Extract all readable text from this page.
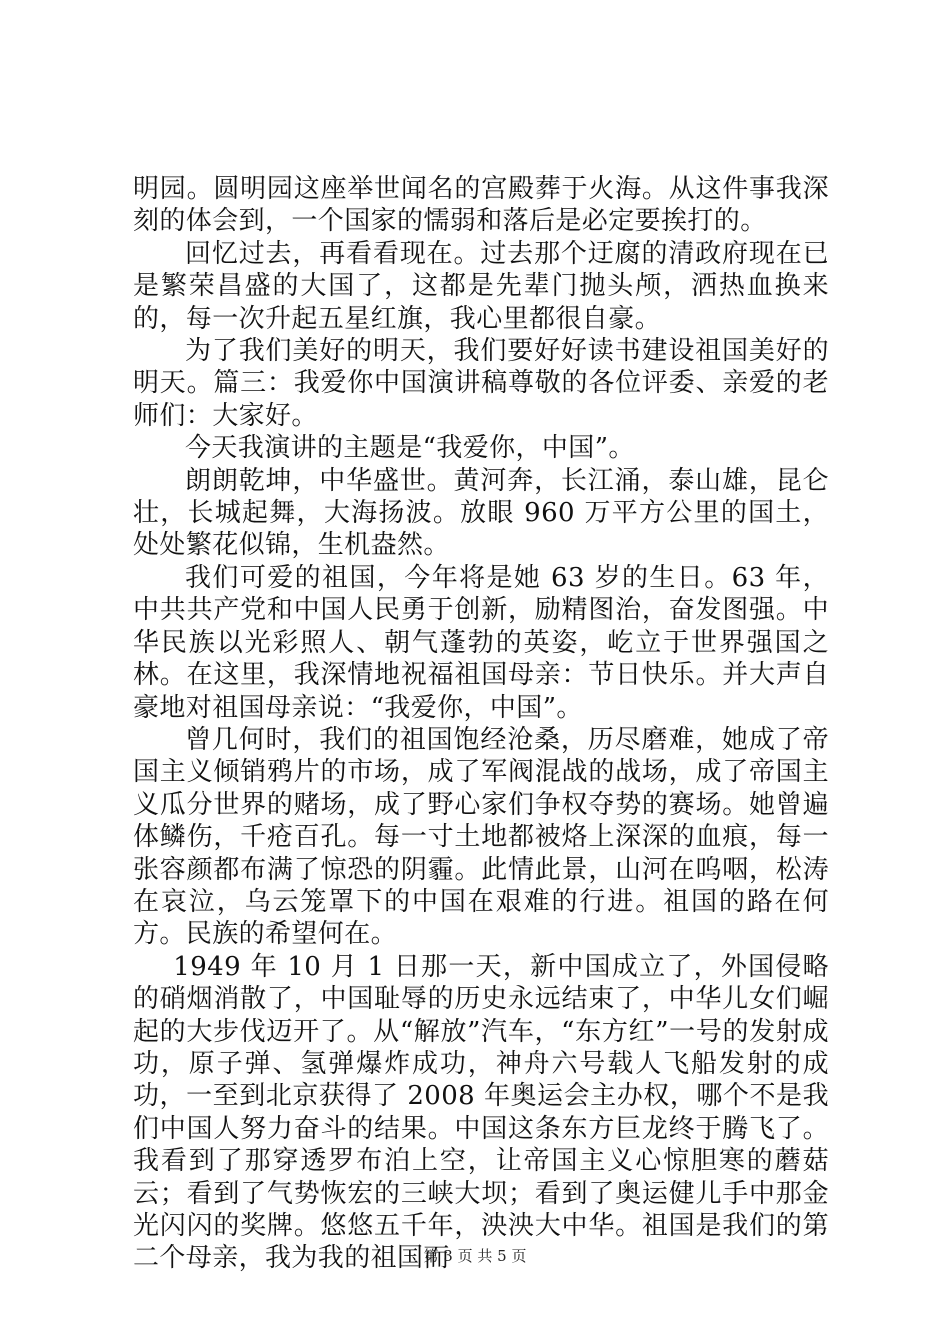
明园。圆明园这座举世闻名的宫殿葬于火海。从这件事我深刻的体会到，一个国家的懦弱和落后是必定要挨打的。

回忆过去，再看看现在。过去那个迂腐的清政府现在已是繁荣昌盛的大国了，这都是先辈门抛头颅，洒热血换来的，每一次升起五星红旗，我心里都很自豪。

为了我们美好的明天，我们要好好读书建设祖国美好的明天。篇三：我爱你中国演讲稿尊敬的各位评委、亲爱的老师们：大家好。

今天我演讲的主题是“我爱你，中国”。

朗朗乾坤，中华盛世。黄河奔，长江涌，泰山雄，昆仑壮，长城起舞，大海扬波。放眼 960 万平方公里的国土，处处繁花似锦，生机盎然。

我们可爱的祖国，今年将是她 63 岁的生日。63 年，中共共产党和中国人民勇于创新，励精图治，奋发图强。中华民族以光彩照人、朝气蓬勃的英姿，屹立于世界强国之林。在这里，我深情地祝福祖国母亲：节日快乐。并大声自豪地对祖国母亲说：“我爱你，中国”。

曾几何时，我们的祖国饱经沧桑，历尽磨难，她成了帝国主义倾销鸦片的市场，成了军阀混战的战场，成了帝国主义瓜分世界的赌场，成了野心家们争权夺势的赛场。她曾遍体鳞伤，千疮百孔。每一寸土地都被烙上深深的血痕，每一张容颜都布满了惊恐的阴霾。此情此景，山河在呜咽，松涛在哀泣，乌云笼罩下的中国在艰难的行进。祖国的路在何方。民族的希望何在。

1949 年 10 月 1 日那一天，新中国成立了，外国侵略的硝烟消散了，中国耻辱的历史永远结束了，中华儿女们崛起的大步伐迈开了。从“解放”汽车，“东方红”一号的发射成功，原子弹、氢弹爆炸成功，神舟六号载人飞船发射的成功，一至到北京获得了 2008 年奥运会主办权，哪个不是我们中国人努力奋斗的结果。中国这条东方巨龙终于腾飞了。我看到了那穿透罗布泊上空，让帝国主义心惊胆寒的蘑菇云；看到了气势恢宏的三峡大坝；看到了奥运健儿手中那金光闪闪的奖牌。悠悠五千年，泱泱大中华。祖国是我们的第二个母亲，我为我的祖国而

第 3 页 共 5 页
